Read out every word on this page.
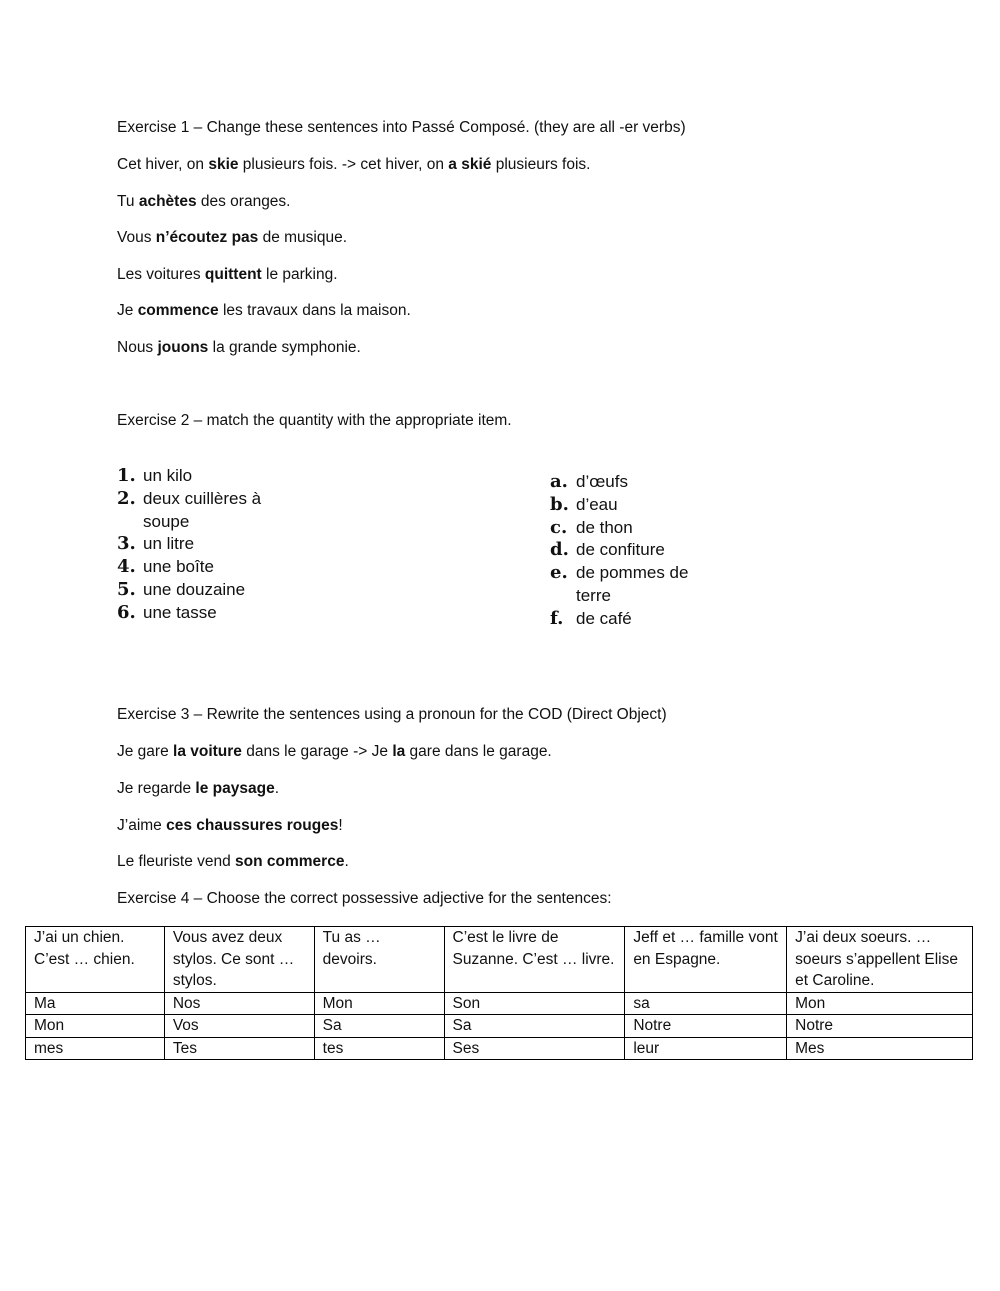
Exercise 1 – Change these sentences into Passé Composé. (they are all -er verbs)
Cet hiver, on skie plusieurs fois. -> cet hiver, on a skié plusieurs fois.
Tu achètes des oranges.
Vous n’écoutez pas de musique.
Les voitures quittent le parking.
Je commence les travaux dans la maison.
Nous jouons la grande symphonie.
Exercise 2 – match the quantity with the appropriate item.
1. un kilo
2. deux cuillères à soupe
3. un litre
4. une boîte
5. une douzaine
6. une tasse
a. d’œufs
b. d’eau
c. de thon
d. de confiture
e. de pommes de terre
f. de café
Exercise 3 – Rewrite the sentences using a pronoun for the COD (Direct Object)
Je gare la voiture dans le garage -> Je la gare dans le garage.
Je regarde le paysage.
J’aime ces chaussures rouges!
Le fleuriste vend son commerce.
Exercise 4 – Choose the correct possessive adjective for the sentences:
J’ai un chien. C’est … chien.	Vous avez deux stylos. Ce sont … stylos.	Tu as … devoirs.	C’est le livre de Suzanne. C’est … livre.	Jeff et … famille vont en Espagne.	J’ai deux soeurs. … soeurs s’appellent Elise et Caroline.
Ma	Nos	Mon	Son	sa	Mon
Mon	Vos	Sa	Sa	Notre	Notre
mes	Tes	tes	Ses	leur	Mes
